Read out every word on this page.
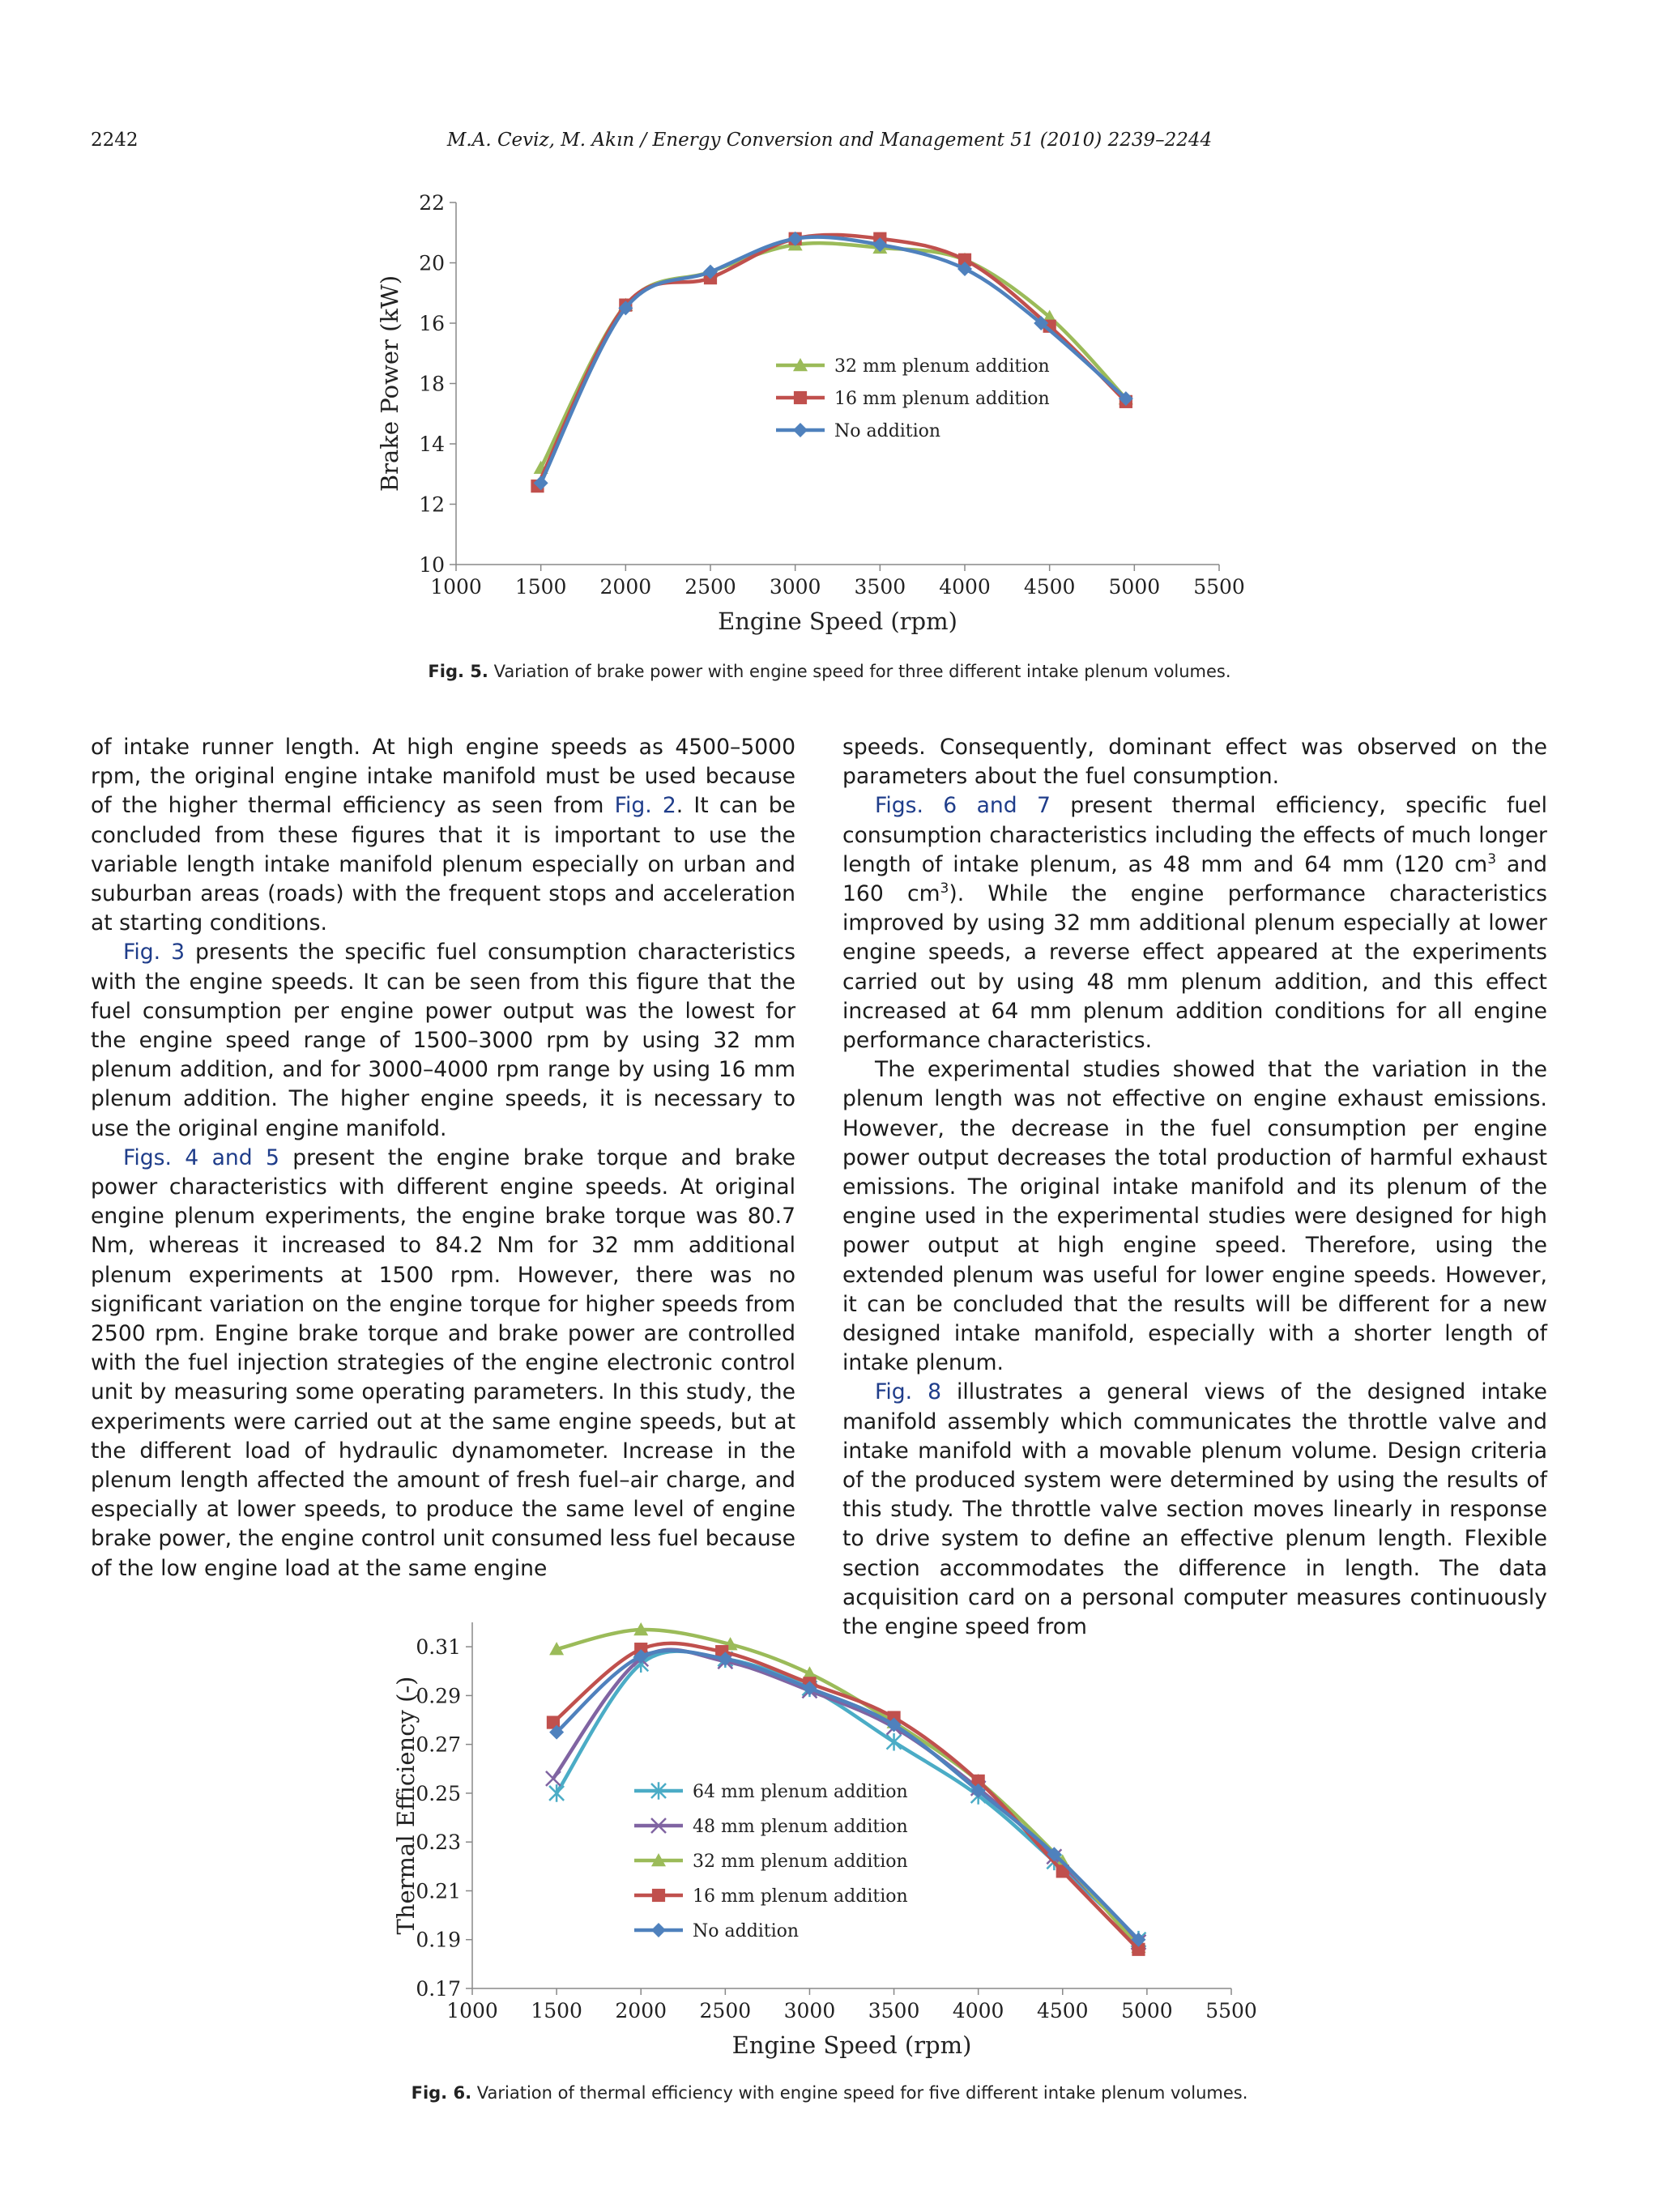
2242	M.A. Ceviz, M. Akın / Energy Conversion and Management 51 (2010) 2239–2244
1000 1500 2000 2500 3000 3500 4000 4500 5000 5500
10
12
14
18
16
20
22
Engine Speed (rpm)
Brake Power (kW)	32 mm plenum addition
16 mm plenum addition
No addition
Fig. 5. Variation of brake power with engine speed for three different intake plenum volumes.

of intake runner length. At high engine speeds as 4500–5000 rpm, the original engine intake manifold must be used because of the higher thermal efficiency as seen from Fig. 2. It can be concluded from these figures that it is important to use the variable length intake manifold plenum especially on urban and suburban areas (roads) with the frequent stops and acceleration at starting conditions.

Fig. 3 presents the specific fuel consumption characteristics with the engine speeds. It can be seen from this figure that the fuel consumption per engine power output was the lowest for the engine speed range of 1500–3000 rpm by using 32 mm plenum addition, and for 3000–4000 rpm range by using 16 mm plenum addition. The higher engine speeds, it is necessary to use the original engine manifold.

Figs. 4 and 5 present the engine brake torque and brake power characteristics with different engine speeds. At original engine plenum experiments, the engine brake torque was 80.7 Nm, whereas it increased to 84.2 Nm for 32 mm additional plenum experiments at 1500 rpm. However, there was no significant variation on the engine torque for higher speeds from 2500 rpm. Engine brake torque and brake power are controlled with the fuel injection strategies of the engine electronic control unit by measuring some operating parameters. In this study, the experiments were carried out at the same engine speeds, but at the different load of hydraulic dynamometer. Increase in the plenum length affected the amount of fresh fuel–air charge, and especially at lower speeds, to produce the same level of engine brake power, the engine control unit consumed less fuel because of the low engine load at the same engine

speeds. Consequently, dominant effect was observed on the parameters about the fuel consumption.

Figs. 6 and 7 present thermal efficiency, specific fuel consumption characteristics including the effects of much longer length of intake plenum, as 48 mm and 64 mm (120 $cm^3$ and 160 $cm^3$). While the engine performance characteristics improved by using 32 mm additional plenum especially at lower engine speeds, a reverse effect appeared at the experiments carried out by using 48 mm plenum addition, and this effect increased at 64 mm plenum addition conditions for all engine performance characteristics.

The experimental studies showed that the variation in the plenum length was not effective on engine exhaust emissions. However, the decrease in the fuel consumption per engine power output decreases the total production of harmful exhaust emissions. The original intake manifold and its plenum of the engine used in the experimental studies were designed for high power output at high engine speed. Therefore, using the extended plenum was useful for lower engine speeds. However, it can be concluded that the results will be different for a new designed intake manifold, especially with a shorter length of intake plenum.

Fig. 8 illustrates a general views of the designed intake manifold assembly which communicates the throttle valve and intake manifold with a movable plenum volume. Design criteria of the produced system were determined by using the results of this study. The throttle valve section moves linearly in response to drive system to define an effective plenum length. Flexible section accommodates the difference in length. The data acquisition card on a personal computer measures continuously the engine speed from

1000 1500 2000 2500 3000 3500 4000 4500 5000 5500
0.17
0.19
0.21
0.23
0.25
0.27
0.29
0.31
Engine Speed (rpm)
Thermal Efficiency (-)	64 mm plenum addition
48 mm plenum addition
32 mm plenum addition
16 mm plenum addition
No addition
Fig. 6. Variation of thermal efficiency with engine speed for five different intake plenum volumes.
